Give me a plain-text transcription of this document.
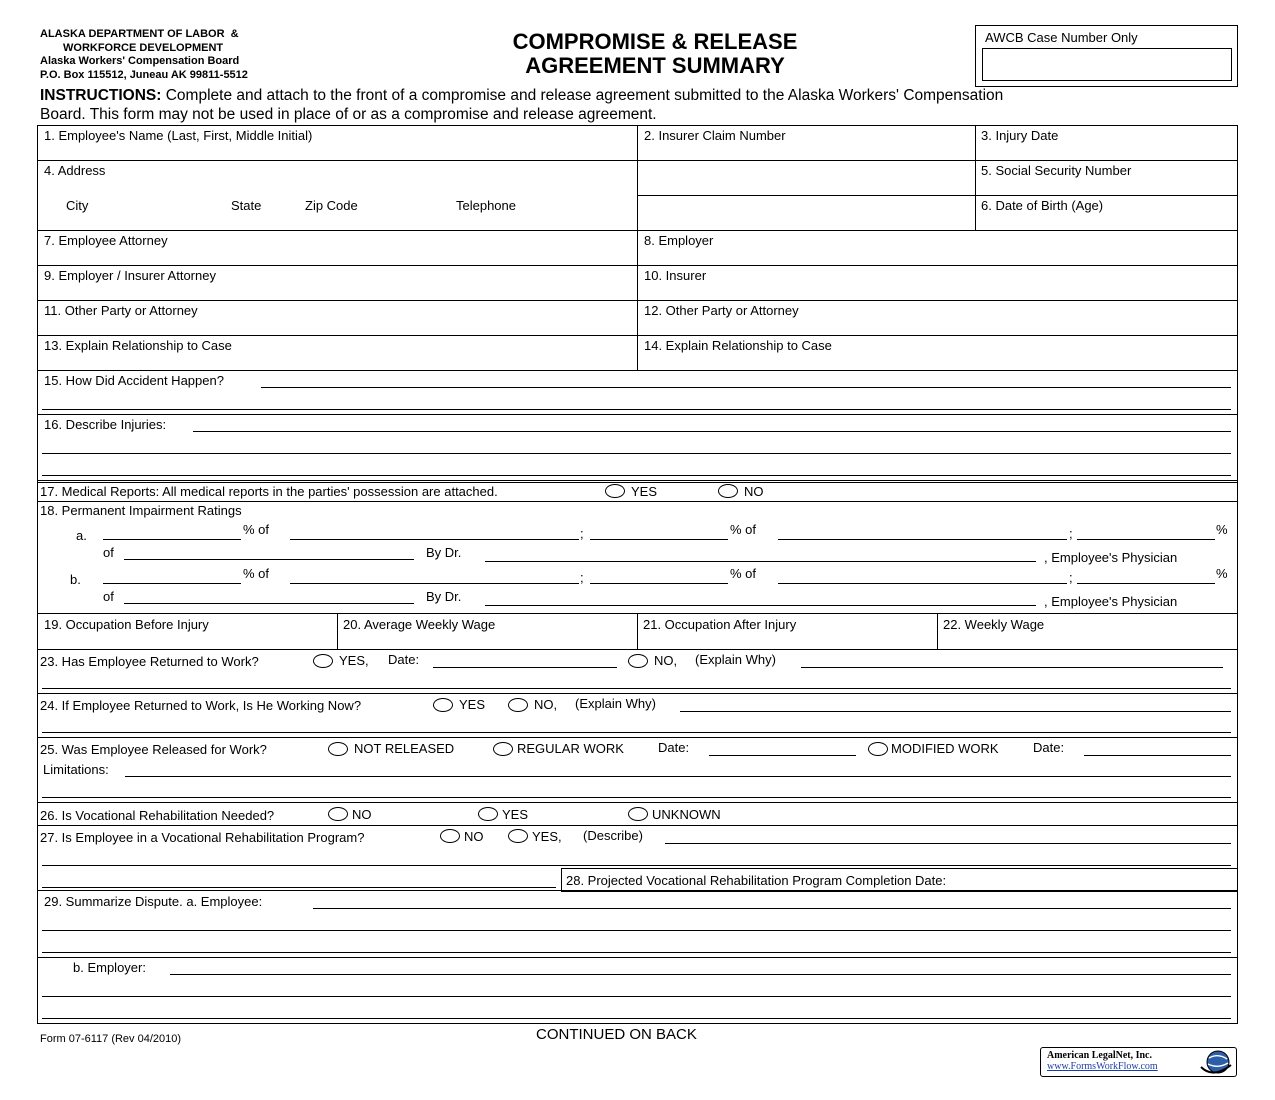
ALASKA DEPARTMENT OF LABOR  &
WORKFORCE DEVELOPMENT
Alaska Workers' Compensation Board
P.O. Box 115512, Juneau AK 99811-5512
COMPROMISE & RELEASE
AGREEMENT SUMMARY
AWCB Case Number Only
INSTRUCTIONS: Complete and attach to the front of a compromise and release agreement submitted to the Alaska Workers' Compensation
Board. This form may not be used in place of or as a compromise and release agreement.
1. Employee's Name (Last, First, Middle Initial)	2. Insurer Claim Number	3. Injury Date
4. Address	5. Social Security Number
City	State	Zip Code	Telephone	6. Date of Birth (Age)
7. Employee Attorney	8. Employer
9. Employer / Insurer Attorney	10. Insurer
11. Other Party or Attorney	12. Other Party or Attorney
13. Explain Relationship to Case	14. Explain Relationship to Case
15. How Did Accident Happen?
16. Describe Injuries:
17. Medical Reports: All medical reports in the parties' possession are attached.	YES	NO
18. Permanent Impairment Ratings
a.	% of	;	% of	;	%
of	By Dr.	, Employee's Physician
b.	% of	;	% of	;	%
of	By Dr.	, Employee's Physician
19. Occupation Before Injury	20. Average Weekly Wage	21. Occupation After Injury	22. Weekly Wage
23. Has Employee Returned to Work?	YES, Date:	NO, (Explain Why)
24. If Employee Returned to Work, Is He Working Now?	YES	NO, (Explain Why)
25. Was Employee Released for Work?	NOT RELEASED	REGULAR WORK	Date:	MODIFIED WORK	Date:
Limitations:
26. Is Vocational Rehabilitation Needed?	NO	YES	UNKNOWN
27. Is Employee in a Vocational Rehabilitation Program?	NO	YES, (Describe)
28. Projected Vocational Rehabilitation Program Completion Date:
29. Summarize Dispute. a. Employee:
b. Employer:
Form 07-6117 (Rev 04/2010)	CONTINUED ON BACK
American LegalNet, Inc.
www.FormsWorkFlow.com
